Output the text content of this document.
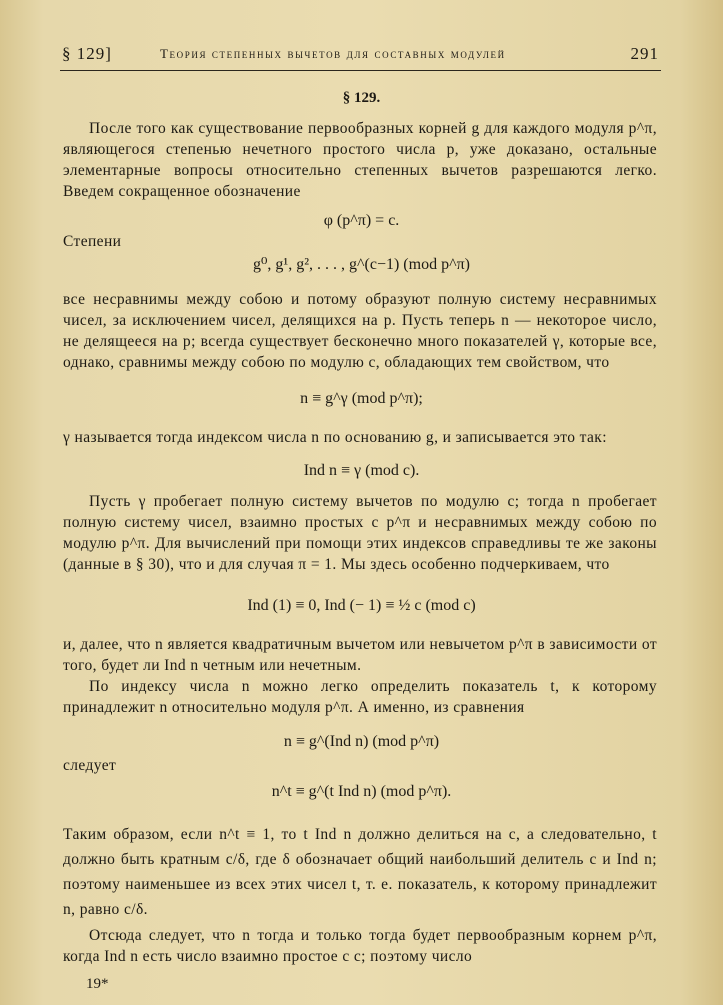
§ 129]	Теория степенных вычетов для составных модулей	291
§ 129.
После того как существование первообразных корней g для каждого модуля p^π, являющегося степенью нечетного простого числа p, уже доказано, остальные элементарные вопросы относительно степенных вычетов разрешаются легко. Введем сокращенное обозначение
φ (p^π) = c.
Степени
g⁰, g¹, g², . . . , g^(c−1) (mod p^π)
все несравнимы между собою и потому образуют полную систему несравнимых чисел, за исключением чисел, делящихся на p. Пусть теперь n — некоторое число, не делящееся на p; всегда существует бесконечно много показателей γ, которые все, однако, сравнимы между собою по модулю c, обладающих тем свойством, что
n ≡ g^γ (mod p^π);
γ называется тогда индексом числа n по основанию g, и записывается это так:
Ind n ≡ γ (mod c).
Пусть γ пробегает полную систему вычетов по модулю c; тогда n пробегает полную систему чисел, взаимно простых с p^π и несравнимых между собою по модулю p^π. Для вычислений при помощи этих индексов справедливы те же законы (данные в § 30), что и для случая π = 1. Мы здесь особенно подчеркиваем, что
Ind (1) ≡ 0, Ind (− 1) ≡ ½ c (mod c)
и, далее, что n является квадратичным вычетом или невычетом p^π в зависимости от того, будет ли Ind n четным или нечетным.
По индексу числа n можно легко определить показатель t, к которому принадлежит n относительно модуля p^π. А именно, из сравнения
n ≡ g^(Ind n) (mod p^π)
следует
n^t ≡ g^(t Ind n) (mod p^π).
Таким образом, если n^t ≡ 1, то t Ind n должно делиться на c, а следовательно, t должно быть кратным c/δ, где δ обозначает общий наибольший делитель c и Ind n; поэтому наименьшее из всех этих чисел t, т. е. показатель, к которому принадлежит n, равно c/δ.
Отсюда следует, что n тогда и только тогда будет первообразным корнем p^π, когда Ind n есть число взаимно простое с c; поэтому число
19*
